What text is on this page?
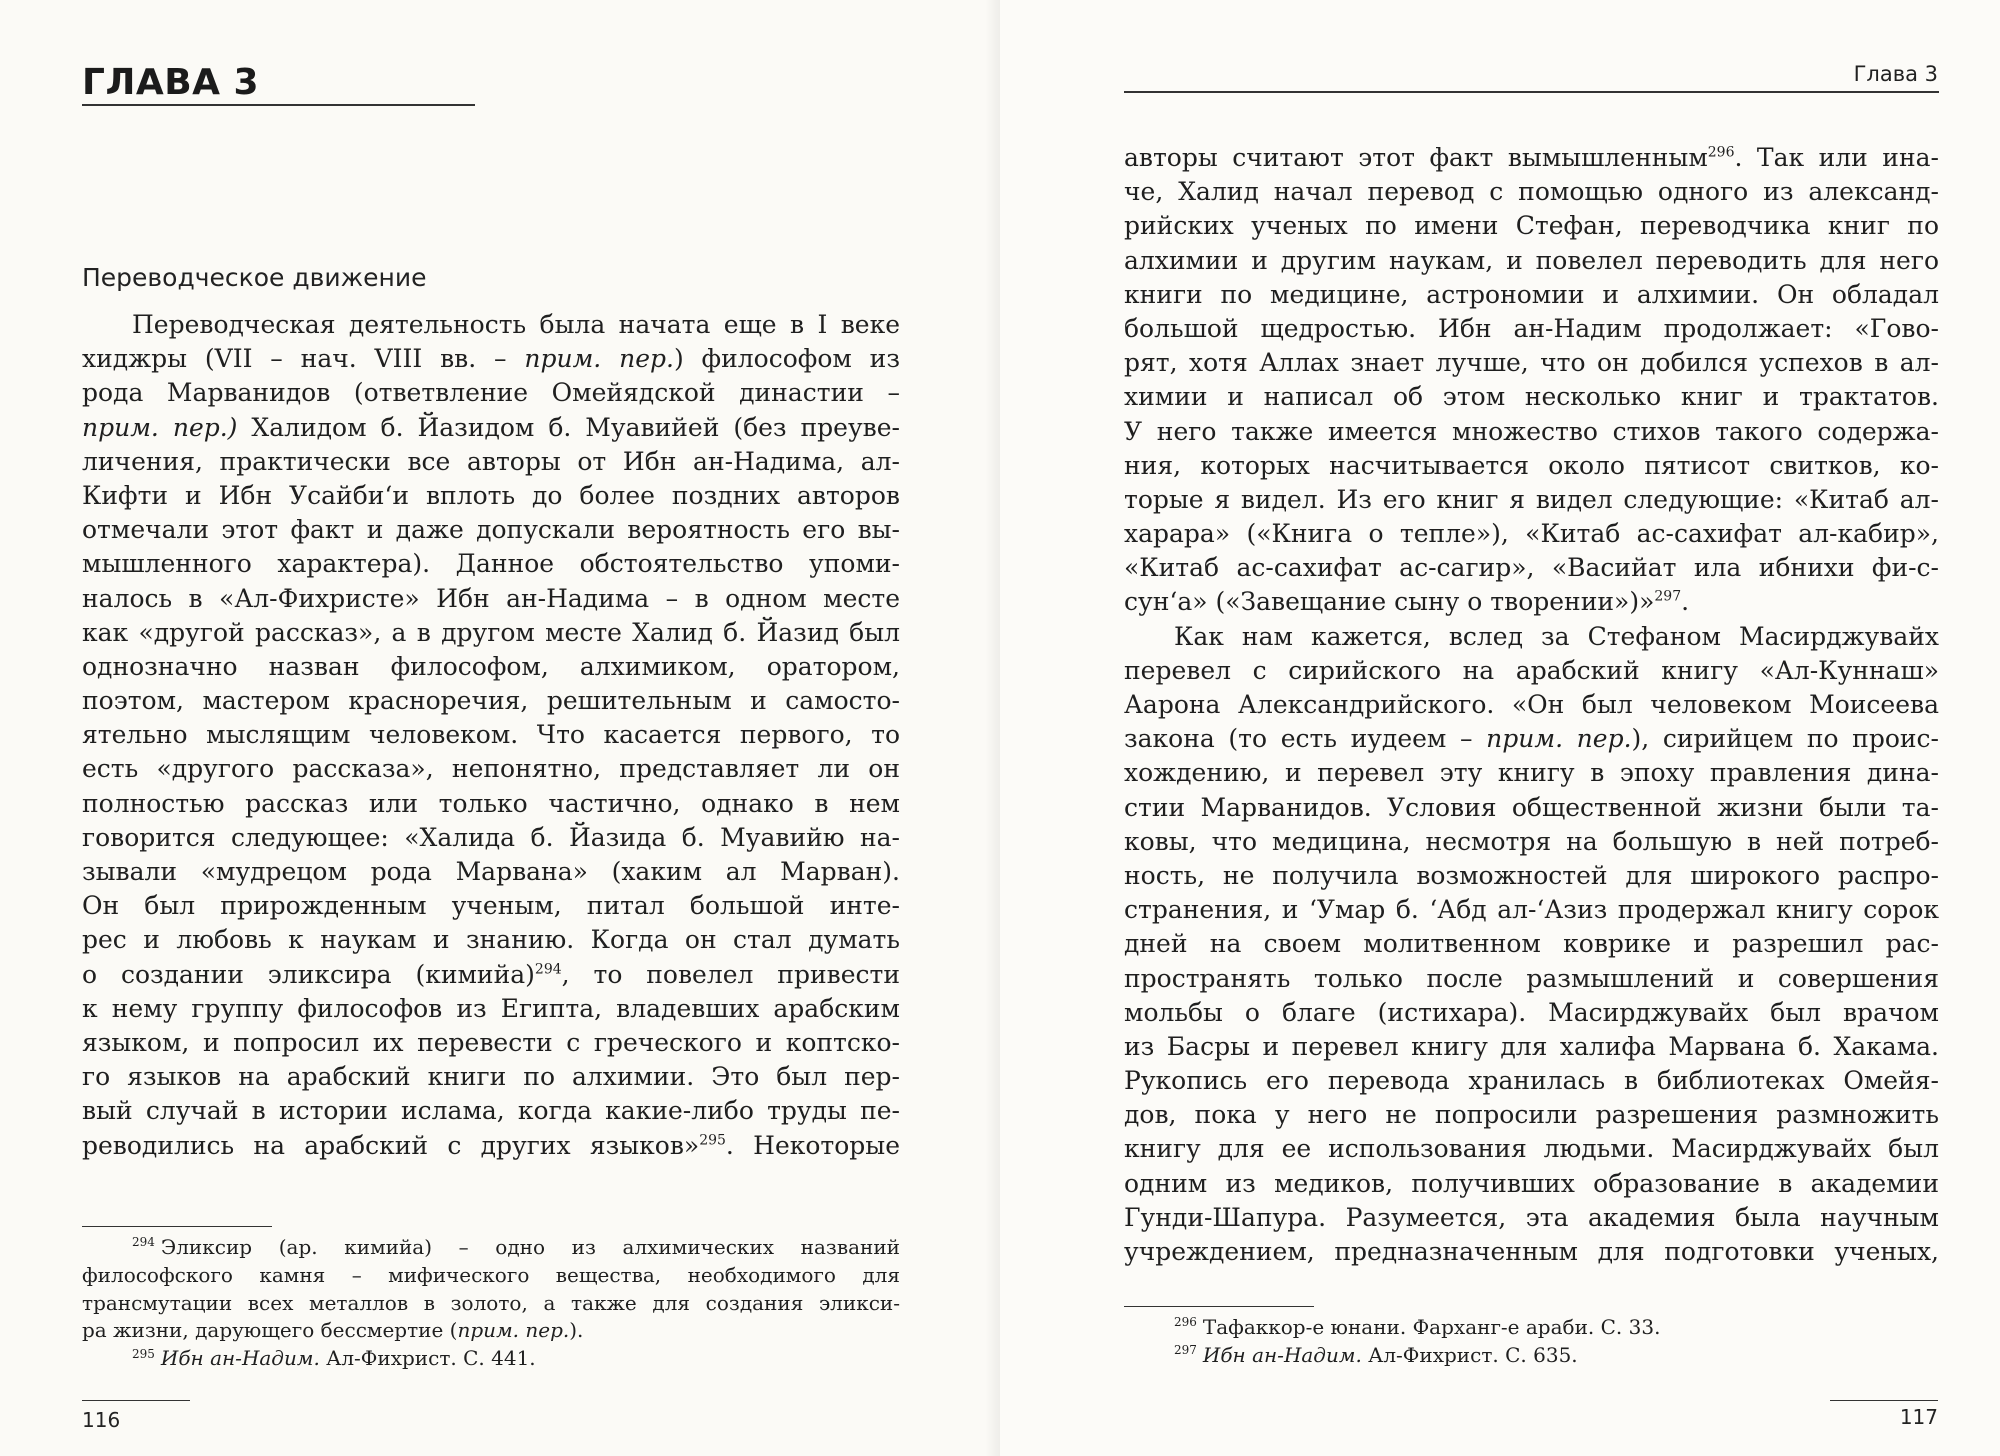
ГЛАВА 3
Переводческое движение
Переводческая деятельность была начата еще в I веке
хиджры (VII – нач. VIII вв. – прим. пер.) философом из
рода Марванидов (ответвление Омейядской династии –
прим. пер.) Халидом б. Йазидом б. Муавийей (без преуве-
личения, практически все авторы от Ибн ан-Надима, ал-
Кифти и Ибн Усайби‘и вплоть до более поздних авторов
отмечали этот факт и даже допускали вероятность его вы-
мышленного характера). Данное обстоятельство упоми-
налось в «Ал-Фихристе» Ибн ан-Надима – в одном месте
как «другой рассказ», а в другом месте Халид б. Йазид был
однозначно назван философом, алхимиком, оратором,
поэтом, мастером красноречия, решительным и самосто-
ятельно мыслящим человеком. Что касается первого, то
есть «другого рассказа», непонятно, представляет ли он
полностью рассказ или только частично, однако в нем
говорится следующее: «Халида б. Йазида б. Муавийю на-
зывали «мудрецом рода Марвана» (хаким ал Марван).
Он был прирожденным ученым, питал большой инте-
рес и любовь к наукам и знанию. Когда он стал думать
о создании эликсира (кимийа)$^{294}$, то повелел привести
к нему группу философов из Египта, владевших арабским
языком, и попросил их перевести с греческого и коптско-
го языков на арабский книги по алхимии. Это был пер-
вый случай в истории ислама, когда какие-либо труды пе-
реводились на арабский с других языков»$^{295}$. Некоторые
$^{294}$ Эликсир (ар. кимийа) – одно из алхимических названий
философского камня – мифического вещества, необходимого для
трансмутации всех металлов в золото, а также для создания эликси-
ра жизни, дарующего бессмертие (прим. пер.).
$^{295}$ Ибн ан-Надим. Ал-Фихрист. С. 441.
116
Глава 3
авторы считают этот факт вымышленным$^{296}$. Так или ина-
че, Халид начал перевод с помощью одного из александ-
рийских ученых по имени Стефан, переводчика книг по
алхимии и другим наукам, и повелел переводить для него
книги по медицине, астрономии и алхимии. Он обладал
большой щедростью. Ибн ан-Надим продолжает: «Гово-
рят, хотя Аллах знает лучше, что он добился успехов в ал-
химии и написал об этом несколько книг и трактатов.
У него также имеется множество стихов такого содержа-
ния, которых насчитывается около пятисот свитков, ко-
торые я видел. Из его книг я видел следующие: «Китаб ал-
харара» («Книга о тепле»), «Китаб ас-сахифат ал-кабир»,
«Китаб ас-сахифат ас-сагир», «Васийат ила ибнихи фи-с-
сун‘а» («Завещание сыну о творении»)»$^{297}$.
Как нам кажется, вслед за Стефаном Масирджувайх
перевел с сирийского на арабский книгу «Ал-Куннаш»
Аарона Александрийского. «Он был человеком Моисеева
закона (то есть иудеем – прим. пер.), сирийцем по проис-
хождению, и перевел эту книгу в эпоху правления дина-
стии Марванидов. Условия общественной жизни были та-
ковы, что медицина, несмотря на большую в ней потреб-
ность, не получила возможностей для широкого распро-
странения, и ‘Умар б. ‘Абд ал-‘Азиз продержал книгу сорок
дней на своем молитвенном коврике и разрешил рас-
пространять только после размышлений и совершения
мольбы о благе (истихара). Масирджувайх был врачом
из Басры и перевел книгу для халифа Марвана б. Хакама.
Рукопись его перевода хранилась в библиотеках Омейя-
дов, пока у него не попросили разрешения размножить
книгу для ее использования людьми. Масирджувайх был
одним из медиков, получивших образование в академии
Гунди-Шапура. Разумеется, эта академия была научным
учреждением, предназначенным для подготовки ученых,
$^{296}$ Тафаккор-е юнани. Фарханг-е араби. С. 33.
$^{297}$ Ибн ан-Надим. Ал-Фихрист. С. 635.
117
